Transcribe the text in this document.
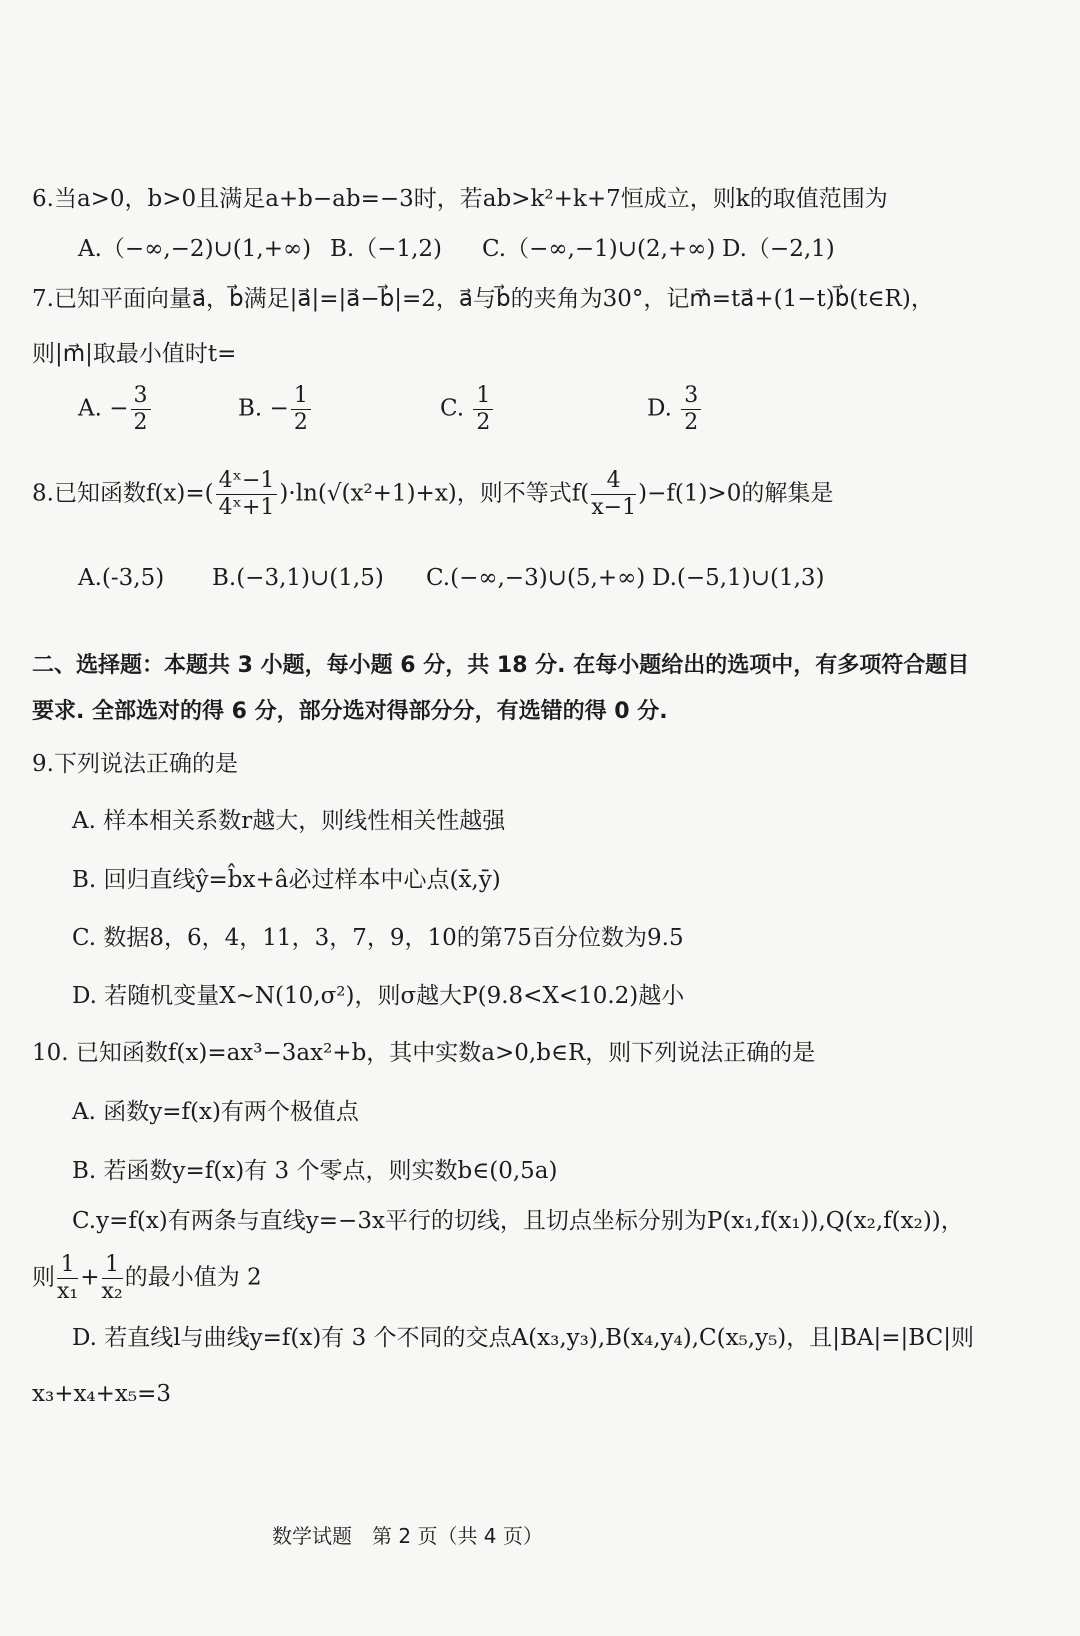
6.当a>0，b>0且满足a+b−ab=−3时，若ab>k²+k+7恒成立，则k的取值范围为
A.（−∞,−2)∪(1,+∞) B.（−1,2) C.（−∞,−1)∪(2,+∞) D.（−2,1)
7.已知平面向量a⃗，b⃗满足|a⃗|=|a⃗−b⃗|=2，a⃗与b⃗的夹角为30°，记m⃗=ta⃗+(1−t)b⃗(t∈R)，
则|m⃗|取最小值时t=
A. − $\frac{3}{2}$	B. − $\frac{1}{2}$	C. $\frac{1}{2}$	D. $\frac{3}{2}$
8.已知函数$f(x)=( \frac{\text{4ˣ−1}}{\text{4ˣ+1}} )\cdot\ln(√(x^2+1)+x)$，则不等式$f( \frac{4}{x-1} )-f(1)>0$的解集是
A.(-3,5) B.(−3,1)∪(1,5) C.(−∞,−3)∪(5,+∞) D.(−5,1)∪(1,3)
二、选择题：本题共 3 小题，每小题 6 分，共 18 分. 在每小题给出的选项中，有多项符合题目
要求. 全部选对的得 6 分，部分选对得部分分，有选错的得 0 分.
9.下列说法正确的是
A. 样本相关系数r越大，则线性相关性越强
B. 回归直线ŷ=b̂x+â必过样本中心点(x̄,ȳ)
C. 数据8，6，4，11，3，7，9，10的第75百分位数为9.5
D. 若随机变量X~N(10,σ²)，则σ越大P(9.8<X<10.2)越小
10. 已知函数f(x)=ax³−3ax²+b，其中实数a>0,b∈R，则下列说法正确的是
A. 函数y=f(x)有两个极值点
B. 若函数y=f(x)有 3 个零点，则实数b∈(0,5a)
C.y=f(x)有两条与直线y=−3x平行的切线，且切点坐标分别为P(x₁,f(x₁)),Q(x₂,f(x₂))，
则 $\frac{1}{\text{x₁}} + \frac{1}{\text{x₂}}$ 的最小值为 2
D. 若直线l与曲线y=f(x)有 3 个不同的交点A(x₃,y₃),B(x₄,y₄),C(x₅,y₅)，且|BA|=|BC|则
x₃+x₄+x₅=3
数学试题 第 2 页（共 4 页）
